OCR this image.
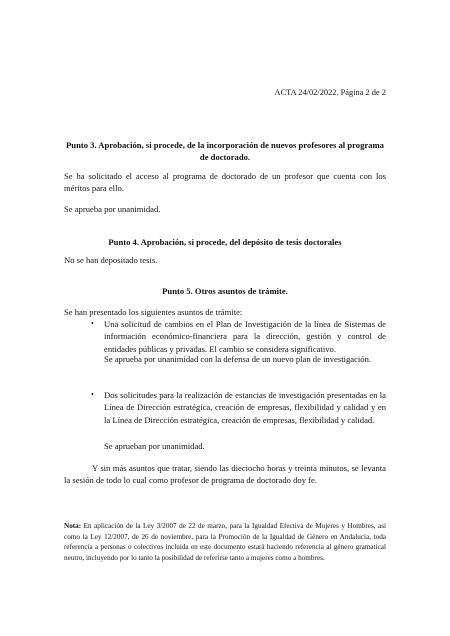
ACTA 24/02/2022. Página 2 de 2
Punto 3. Aprobación, si procede, de la incorporación de nuevos profesores al programa de doctorado.
Se ha solicitado el acceso al programa de doctorado de un profesor que cuenta con los méritos para ello.
Se aprueba por unanimidad.
Punto 4. Aprobación, si procede, del depósito de tesis doctorales
No se han depositado tesis.
Punto 5. Otros asuntos de trámite.
Se han presentado los siguientes asuntos de trámite:
• Una solicitud de cambios en el Plan de Investigación de la línea de Sistemas de información económico-financiera para la dirección, gestión y control de entidades públicas y privadas. El cambio se considera significativo.
Se aprueba por unanimidad con la defensa de un nuevo plan de investigación.
• Dos solicitudes para la realización de estancias de investigación presentadas en la Línea de Dirección estratégica, creación de empresas, flexibilidad y calidad y en la Línea de Dirección estratégica, creación de empresas, flexibilidad y calidad.
Se aprueban por unanimidad.
Y sin más asuntos que tratar, siendo las dieciocho horas y treinta minutos, se levanta la sesión de todo lo cual como profesor de programa de doctorado doy fe.
Nota: En aplicación de la Ley 3/2007 de 22 de marzo, para la Igualdad Efectiva de Mujeres y Hombres, así como la Ley 12/2007, de 26 de noviembre, para la Promoción de la Igualdad de Género en Andalucía, toda referencia a personas o colectivos incluida en este documento estará haciendo referencia al género gramatical neutro, incluyendo por lo tanto la posibilidad de referirse tanto a mujeres como a hombres.
